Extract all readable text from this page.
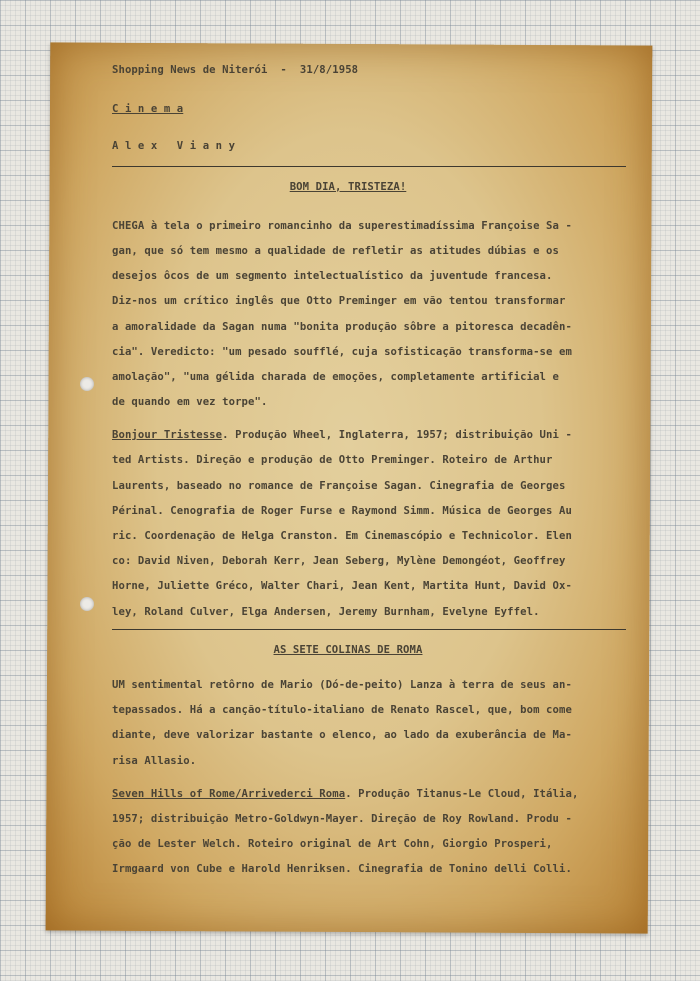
Shopping News de Niterói  -  31/8/1958
C i n e m a
A l e x   V i a n y
BOM DIA, TRISTEZA!
CHEGA à tela o primeiro romancinho da superestimadíssima Françoise Sa -
gan, que só tem mesmo a qualidade de refletir as atitudes dúbias e os
desejos ôcos de um segmento intelectualístico da juventude francesa.
Diz-nos um crítico inglês que Otto Preminger em vão tentou transformar
a amoralidade da Sagan numa "bonita produção sôbre a pitoresca decadên-
cia". Veredicto: "um pesado soufflé, cuja sofisticação transforma-se em
amolação", "uma gélida charada de emoções, completamente artificial e
de quando em vez torpe".
Bonjour Tristesse. Produção Wheel, Inglaterra, 1957; distribuição Uni -
ted Artists. Direção e produção de Otto Preminger. Roteiro de Arthur
Laurents, baseado no romance de Françoise Sagan. Cinegrafia de Georges
Périnal. Cenografia de Roger Furse e Raymond Simm. Música de Georges Au
ric. Coordenação de Helga Cranston. Em Cinemascópio e Technicolor. Elen
co: David Niven, Deborah Kerr, Jean Seberg, Mylène Demongéot, Geoffrey
Horne, Juliette Gréco, Walter Chari, Jean Kent, Martita Hunt, David Ox-
ley, Roland Culver, Elga Andersen, Jeremy Burnham, Evelyne Eyffel.
AS SETE COLINAS DE ROMA
UM sentimental retôrno de Mario (Dó-de-peito) Lanza à terra de seus an-
tepassados. Há a canção-título-italiano de Renato Rascel, que, bom come
diante, deve valorizar bastante o elenco, ao lado da exuberância de Ma-
risa Allasio.
Seven Hills of Rome/Arrivederci Roma. Produção Titanus-Le Cloud, Itália,
1957; distribuição Metro-Goldwyn-Mayer. Direção de Roy Rowland. Produ -
ção de Lester Welch. Roteiro original de Art Cohn, Giorgio Prosperi,
Irmgaard von Cube e Harold Henriksen. Cinegrafia de Tonino delli Colli.
